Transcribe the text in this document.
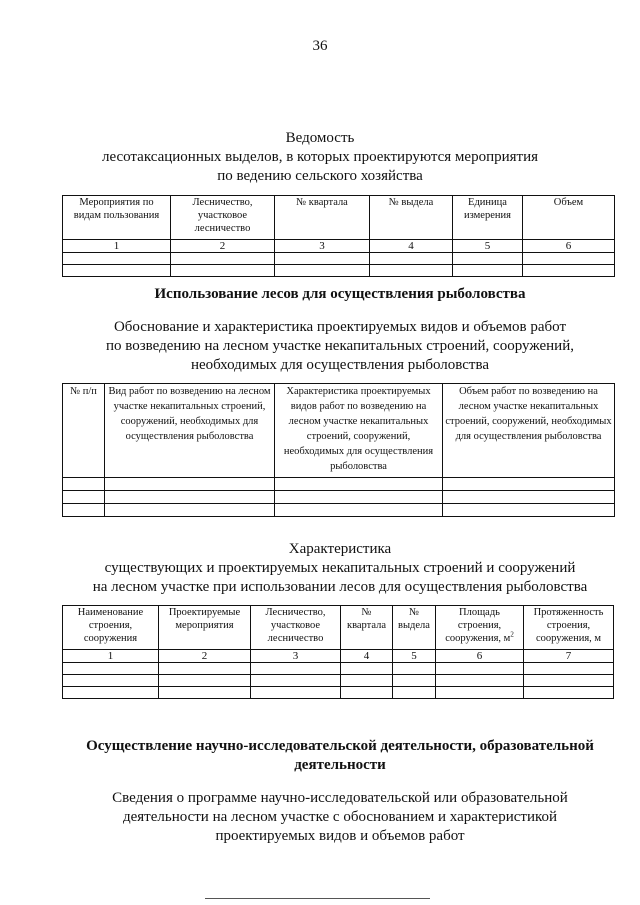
36
Ведомость
лесотаксационных выделов, в которых проектируются мероприятия
по ведению сельского хозяйства
Мероприятия по видам пользования	Лесничество, участковое лесничество	№ квартала	№ выдела	Единица измерения	Объем
1	2	3	4	5	6

Использование лесов для осуществления рыболовства
Обоснование и характеристика проектируемых видов и объемов работ
по возведению на лесном участке некапитальных строений, сооружений,
необходимых для осуществления рыболовства
№ п/п	Вид работ по возведению на лесном участке некапитальных строений, сооружений, необходимых для осуществления рыболовства	Характеристика проектируемых видов работ по возведению на лесном участке некапитальных строений, сооружений, необходимых для осуществления рыболовства	Объем работ по возведению на лесном участке некапитальных строений, сооружений, необходимых для осуществления рыболовства

Характеристика
существующих и проектируемых некапитальных строений и сооружений
на лесном участке при использовании лесов для осуществления рыболовства
Наименование строения, сооружения	Проектируемые мероприятия	Лесничество, участковое лесничество	№ квартала	№ выдела	Площадь строения, сооружения, $м^2$	Протяженность строения, сооружения, м
1	2	3	4	5	6	7

Осуществление научно-исследовательской деятельности, образовательной
деятельности
Сведения о программе научно-исследовательской или образовательной
деятельности на лесном участке с обоснованием и характеристикой
проектируемых видов и объемов работ
